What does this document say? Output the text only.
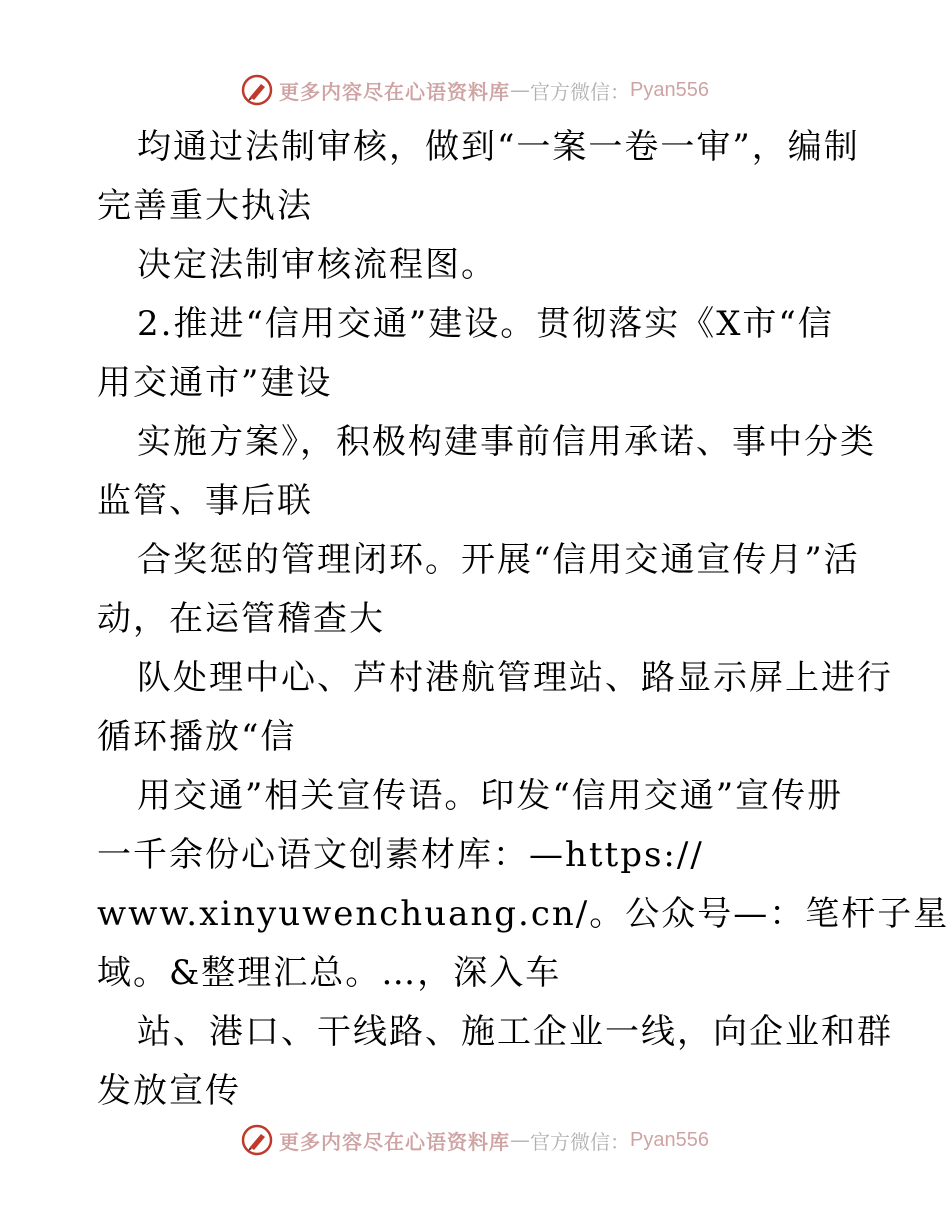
更多内容尽在心语资料库 — 官方微信： Pyan556
均通过法制审核，做到“一案一卷一审”，编制
完善重大执法
决定法制审核流程图。
2.推进“信用交通”建设。贯彻落实《X市“信
用交通市”建设
实施方案》，积极构建事前信用承诺、事中分类
监管、事后联
合奖惩的管理闭环。开展“信用交通宣传月”活
动，在运管稽查大
队处理中心、芦村港航管理站、路显示屏上进行
循环播放“信
用交通”相关宣传语。印发“信用交通”宣传册
一千余份心语文创素材库：—https://
www.xinyuwenchuang.cn/。公众号—：笔杆子星
域。&整理汇总。…，深入车
站、港口、干线路、施工企业一线，向企业和群
发放宣传
更多内容尽在心语资料库 — 官方微信： Pyan556
